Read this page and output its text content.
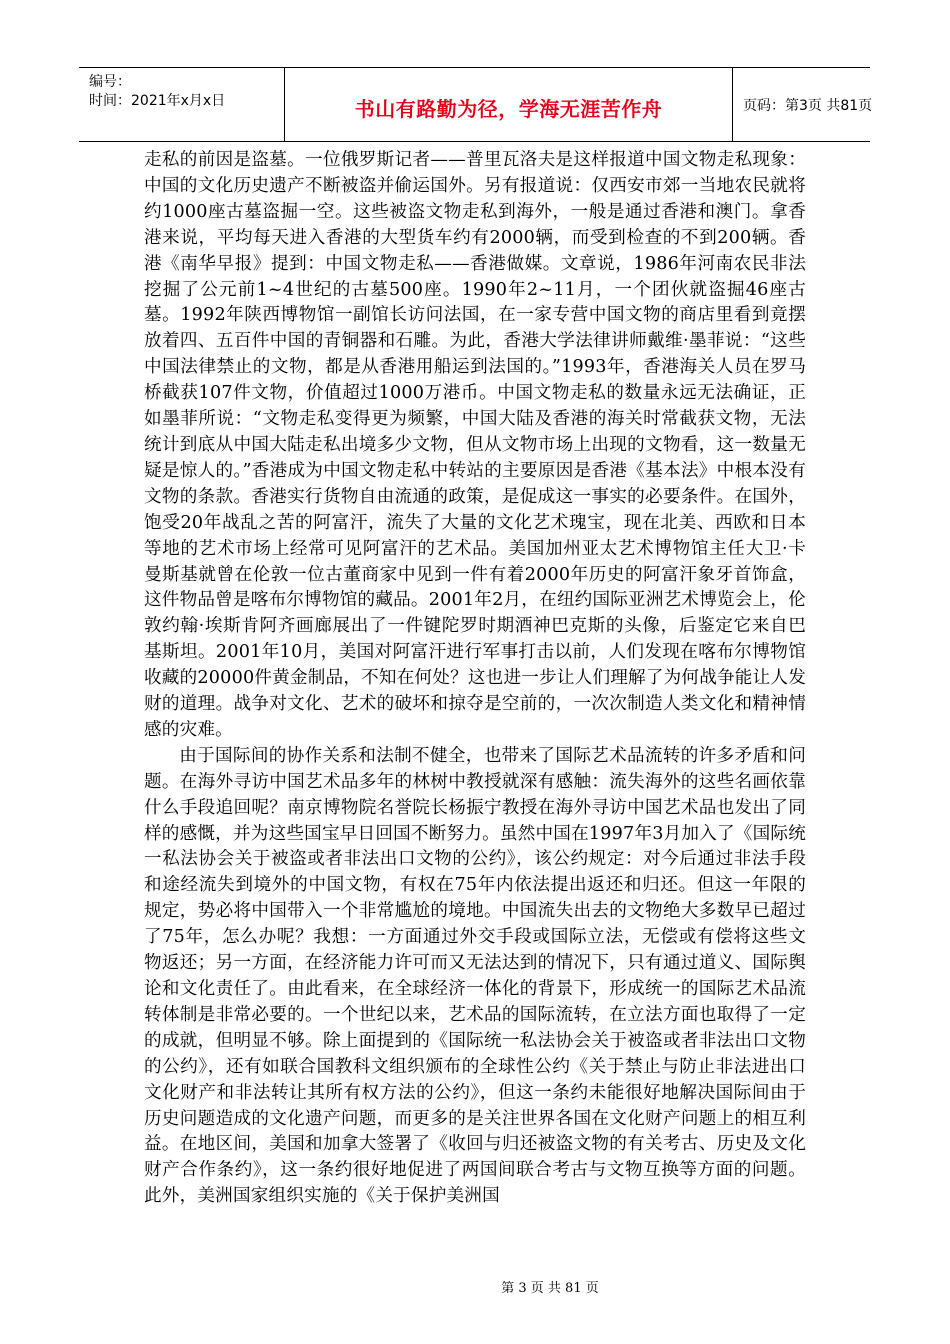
编号：
时间：2021年x月x日	书山有路勤为径，学海无涯苦作舟	页码：第3页 共81页

走私的前因是盗墓。一位俄罗斯记者——普里瓦洛夫是这样报道中国文物走私现象：中国的文化历史遗产不断被盗并偷运国外。另有报道说：仅西安市郊一当地农民就将约1000座古墓盗掘一空。这些被盗文物走私到海外，一般是通过香港和澳门。拿香港来说，平均每天进入香港的大型货车约有2000辆，而受到检查的不到200辆。香港《南华早报》提到：中国文物走私——香港做媒。文章说，1986年河南农民非法挖掘了公元前1~4世纪的古墓500座。1990年2~11月，一个团伙就盗掘46座古墓。1992年陕西博物馆一副馆长访问法国，在一家专营中国文物的商店里看到竟摆放着四、五百件中国的青铜器和石雕。为此，香港大学法律讲师戴维·墨菲说：“这些中国法律禁止的文物，都是从香港用船运到法国的。”1993年，香港海关人员在罗马桥截获107件文物，价值超过1000万港币。中国文物走私的数量永远无法确证，正如墨菲所说：“文物走私变得更为频繁，中国大陆及香港的海关时常截获文物，无法统计到底从中国大陆走私出境多少文物，但从文物市场上出现的文物看，这一数量无疑是惊人的。”香港成为中国文物走私中转站的主要原因是香港《基本法》中根本没有文物的条款。香港实行货物自由流通的政策，是促成这一事实的必要条件。在国外，饱受20年战乱之苦的阿富汗，流失了大量的文化艺术瑰宝，现在北美、西欧和日本等地的艺术市场上经常可见阿富汗的艺术品。美国加州亚太艺术博物馆主任大卫·卡曼斯基就曾在伦敦一位古董商家中见到一件有着2000年历史的阿富汗象牙首饰盒，这件物品曾是喀布尔博物馆的藏品。2001年2月，在纽约国际亚洲艺术博览会上，伦敦约翰·埃斯肯阿齐画廊展出了一件键陀罗时期酒神巴克斯的头像，后鉴定它来自巴基斯坦。2001年10月，美国对阿富汗进行军事打击以前，人们发现在喀布尔博物馆收藏的20000件黄金制品，不知在何处？这也进一步让人们理解了为何战争能让人发财的道理。战争对文化、艺术的破坏和掠夺是空前的，一次次制造人类文化和精神情感的灾难。

由于国际间的协作关系和法制不健全，也带来了国际艺术品流转的许多矛盾和问题。在海外寻访中国艺术品多年的林树中教授就深有感触：流失海外的这些名画依靠什么手段追回呢？南京博物院名誉院长杨振宁教授在海外寻访中国艺术品也发出了同样的感慨，并为这些国宝早日回国不断努力。虽然中国在1997年3月加入了《国际统一私法协会关于被盗或者非法出口文物的公约》，该公约规定：对今后通过非法手段和途经流失到境外的中国文物，有权在75年内依法提出返还和归还。但这一年限的规定，势必将中国带入一个非常尴尬的境地。中国流失出去的文物绝大多数早已超过了75年，怎么办呢？我想：一方面通过外交手段或国际立法，无偿或有偿将这些文物返还；另一方面，在经济能力许可而又无法达到的情况下，只有通过道义、国际舆论和文化责任了。由此看来，在全球经济一体化的背景下，形成统一的国际艺术品流转体制是非常必要的。一个世纪以来，艺术品的国际流转，在立法方面也取得了一定的成就，但明显不够。除上面提到的《国际统一私法协会关于被盗或者非法出口文物的公约》，还有如联合国教科文组织颁布的全球性公约《关于禁止与防止非法进出口文化财产和非法转让其所有权方法的公约》，但这一条约未能很好地解决国际间由于历史问题造成的文化遗产问题，而更多的是关注世界各国在文化财产问题上的相互利益。在地区间，美国和加拿大签署了《收回与归还被盗文物的有关考古、历史及文化财产合作条约》，这一条约很好地促进了两国间联合考古与文物互换等方面的问题。此外，美洲国家组织实施的《关于保护美洲国

第 3 页 共 81 页
